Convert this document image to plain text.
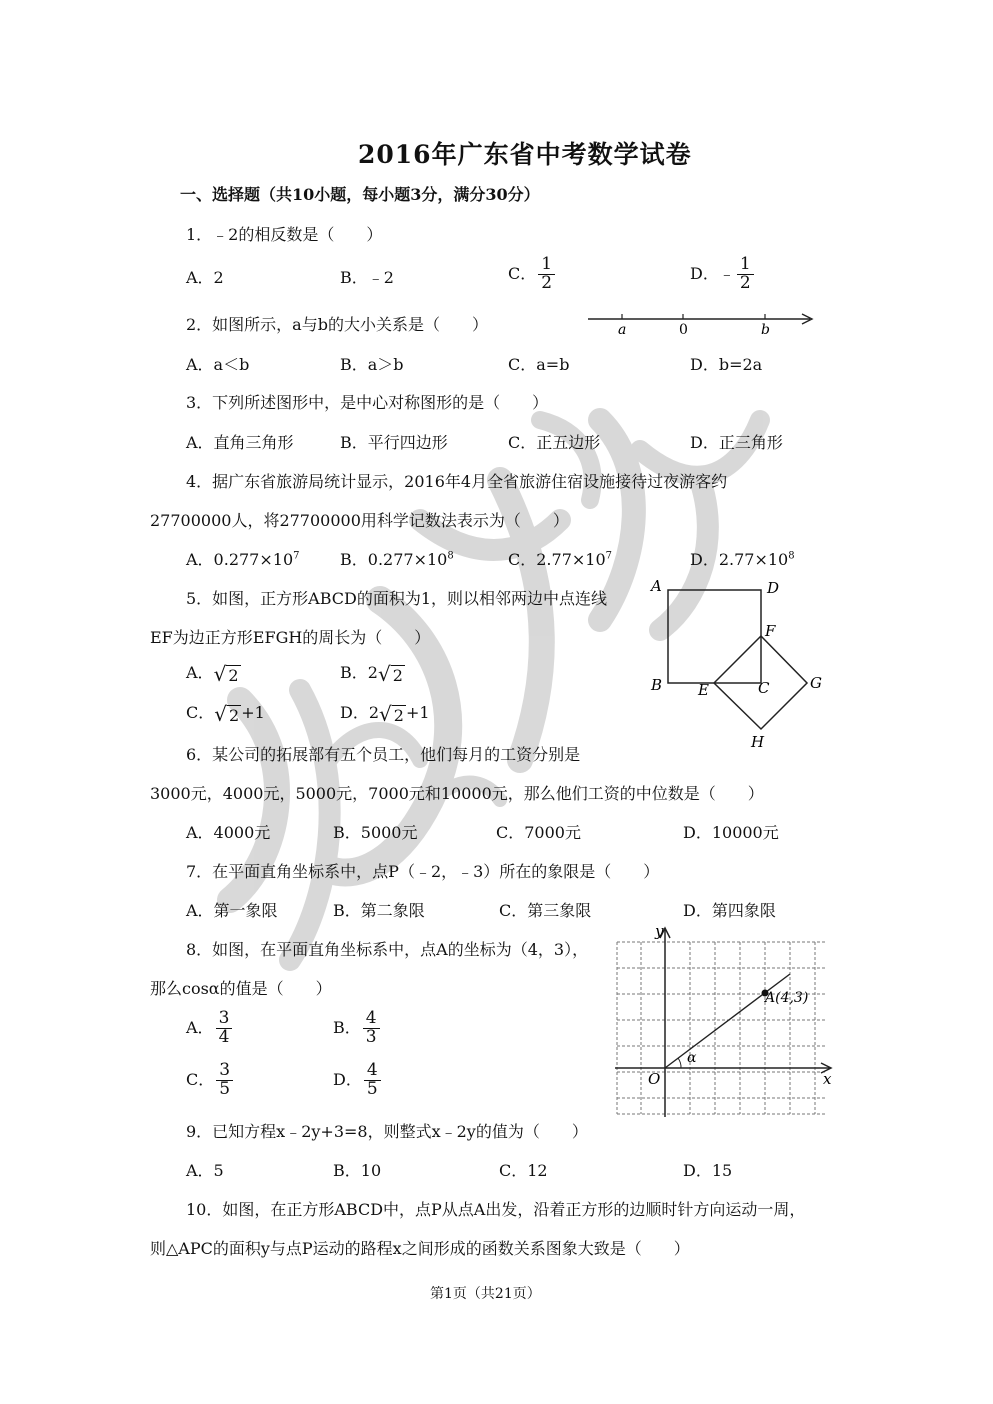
2016年广东省中考数学试卷
一、选择题（共10小题，每小题3分，满分30分）
1．﹣2的相反数是（　　）
A．2	B．﹣2	C． $\frac{1}{2}$	D．﹣ $\frac{1}{2}$
2．如图所示，a与b的大小关系是（　　）	a	0	b
A．a＜b	B．a＞b	C．a=b	D．b=2a
3．下列所述图形中，是中心对称图形的是（　　）
A．直角三角形	B．平行四边形	C．正五边形	D．正三角形
4．据广东省旅游局统计显示，2016年4月全省旅游住宿设施接待过夜游客约
27700000人，将27700000用科学记数法表示为（　　）
A．$0.277\times 10^7$	B．$0.277\times 10^8$	C．$2.77\times 10^7$	D．$2.77\times 10^8$
5．如图，正方形ABCD的面积为1，则以相邻两边中点连线
EF为边正方形EFGH的周长为（　　）
A．√ 2	B．2√ 2
C．√ 2 +1	D．2√ 2 +1
A	D
B	C
F
E	G
H
6．某公司的拓展部有五个员工，他们每月的工资分别是
3000元，4000元，5000元，7000元和10000元，那么他们工资的中位数是（　　）
A．4000元	B．5000元	C．7000元	D．10000元
7．在平面直角坐标系中，点P（﹣2，﹣3）所在的象限是（　　）
A．第一象限	B．第二象限	C．第三象限	D．第四象限
8．如图，在平面直角坐标系中，点A的坐标为（4，3），
那么cosα的值是（　　）
A． $\frac{3}{4}$	B． $\frac{4}{3}$
C． $\frac{3}{5}$	D． $\frac{4}{5}$
y
x
O
α
A(4,3)
9．已知方程x﹣2y+3=8，则整式x﹣2y的值为（　　）
A．5	B．10	C．12	D．15
10．如图，在正方形ABCD中，点P从点A出发，沿着正方形的边顺时针方向运动一周，
则△APC的面积y与点P运动的路程x之间形成的函数关系图象大致是（　　）
第1页（共21页）
